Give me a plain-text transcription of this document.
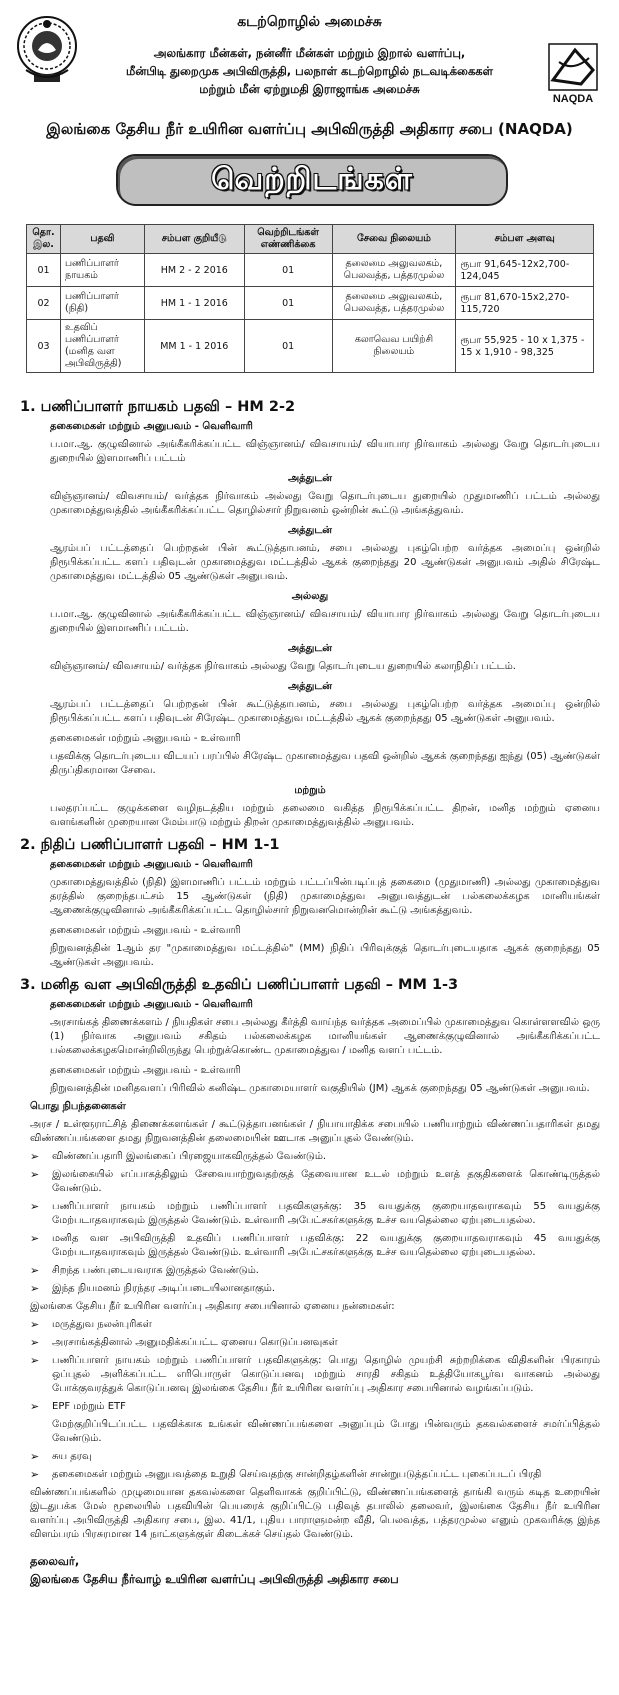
கடற்றொழில் அமைச்சு
அலங்கார மீன்கள், நன்னீர் மீன்கள் மற்றும் இறால் வளர்ப்பு,
மீன்பிடி துறைமுக அபிவிருத்தி, பலநாள் கடற்றொழில் நடவடிக்கைகள்
மற்றும் மீன் ஏற்றுமதி இராஜாங்க அமைச்சு
NAQDA
இலங்கை தேசிய நீர் உயிரின வளர்ப்பு அபிவிருத்தி அதிகார சபை (NAQDA)
வெற்றிடங்கள்
தொ. இல.	பதவி	சம்பள குறியீடு	வெற்றிடங்கள் எண்ணிக்கை	சேவை நிலையம்	சம்பள அளவு
01	பணிப்பாளர் நாயகம்	HM 2 - 2 2016	01	தலைமை அலுவலகம், பெலவத்த, பத்தரமுல்ல	ரூபா 91,645-12x2,700-124,045
02	பணிப்பாளர் (நிதி)	HM 1 - 1 2016	01	தலைமை அலுவலகம், பெலவத்த, பத்தரமுல்ல	ரூபா 81,670-15x2,270-115,720
03	உதவிப் பணிப்பாளர் (மனித வள அபிவிருத்தி)	MM 1 - 1 2016	01	கலாவெவ பயிற்சி நிலையம்	ரூபா 55,925 - 10 x 1,375 - 15 x 1,910 - 98,325
1. பணிப்பாளர் நாயகம் பதவி – HM 2-2
தகைமைகள் மற்றும் அனுபவம் - வெளிவாரி
ப.மா.ஆ. குழுவினால் அங்கீகரிக்கப்பட்ட விஞ்ஞானம்/ விவசாயம்/ வியாபார நிர்வாகம் அல்லது வேறு தொடர்புடைய துறையில் இளமாணிப் பட்டம்
அத்துடன்
விஞ்ஞானம்/ விவசாயம்/ வர்த்தக நிர்வாகம் அல்லது வேறு தொடர்புடைய துறையில் முதுமாணிப் பட்டம் அல்லது முகாமைத்துவத்தில் அங்கீகரிக்கப்பட்ட தொழில்சார் நிறுவனம் ஒன்றின் கூட்டு அங்கத்துவம்.
அத்துடன்
ஆரம்பப் பட்டத்தைப் பெற்றதன் பின் கூட்டுத்தாபனம், சபை அல்லது புகழ்பெற்ற வர்த்தக அமைப்பு ஒன்றில் நிரூபிக்கப்பட்ட களப் பதிவுடன் முகாமைத்துவ மட்டத்தில் ஆகக் குறைந்தது 20 ஆண்டுகள் அனுபவம் அதில் சிரேஷ்ட முகாமைத்துவ மட்டத்தில் 05 ஆண்டுகள் அனுபவம்.
அல்லது
ப.மா.ஆ. குழுவினால் அங்கீகரிக்கப்பட்ட விஞ்ஞானம்/ விவசாயம்/ வியாபார நிர்வாகம் அல்லது வேறு தொடர்புடைய துறையில் இளமாணிப் பட்டம்.
அத்துடன்
விஞ்ஞானம்/ விவசாயம்/ வர்த்தக நிர்வாகம் அல்லது வேறு தொடர்புடைய துறையில் கலாநிதிப் பட்டம்.
அத்துடன்
ஆரம்பப் பட்டத்தைப் பெற்றதன் பின் கூட்டுத்தாபனம், சபை அல்லது புகழ்பெற்ற வர்த்தக அமைப்பு ஒன்றில் நிரூபிக்கப்பட்ட களப் பதிவுடன் சிரேஷ்ட முகாமைத்துவ மட்டத்தில் ஆகக் குறைந்தது 05 ஆண்டுகள் அனுபவம்.
தகைமைகள் மற்றும் அனுபவம் - உள்வாரி
பதவிக்கு தொடர்புடைய விடயப் பரப்பில் சிரேஷ்ட முகாமைத்துவ பதவி ஒன்றில் ஆகக் குறைந்தது ஐந்து (05) ஆண்டுகள் திருப்திகரமான சேவை.
மற்றும்
பலதரப்பட்ட குழுக்களை வழிநடத்திய மற்றும் தலைமை வகித்த நிரூபிக்கப்பட்ட திறன், மனித மற்றும் ஏனைய வளங்களின் முறையான மேம்பாடு மற்றும் திறன் முகாமைத்துவத்தில் அனுபவம்.
2. நிதிப் பணிப்பாளர் பதவி – HM 1-1
தகைமைகள் மற்றும் அனுபவம் - வெளிவாரி
முகாமைத்துவத்தில் (நிதி) இளமாணிப் பட்டம் மற்றும் பட்டப்பின்படிப்புத் தகைமை (முதுமாணி) அல்லது முகாமைத்துவ தரத்தில் குறைந்தபட்சம் 15 ஆண்டுகள் (நிதி) முகாமைத்துவ அனுபவத்துடன் பல்கலைக்கழக மானியங்கள் ஆணைக்குழுவினால் அங்கீகரிக்கப்பட்ட தொழில்சார் நிறுவனமொன்றின் கூட்டு அங்கத்துவம்.
தகைமைகள் மற்றும் அனுபவம் - உள்வாரி
நிறுவனத்தின் 1ஆம் தர "முகாமைத்துவ மட்டத்தில்" (MM) நிதிப் பிரிவுக்குத் தொடர்புடையதாக ஆகக் குறைந்தது 05 ஆண்டுகள் அனுபவம்.
3. மனித வள அபிவிருத்தி உதவிப் பணிப்பாளர் பதவி – MM 1-3
தகைமைகள் மற்றும் அனுபவம் - வெளிவாரி
அரசாங்கத் திணைக்களம் / நியதிகள் சபை அல்லது கீர்த்தி வாய்ந்த வர்த்தக அமைப்பில் முகாமைத்துவ கொள்ளளவில் ஒரு (1) நிர்வாக அனுபவம் சகிதம் பல்கலைக்கழக மானியங்கள் ஆணைக்குழுவினால் அங்கீகரிக்கப்பட்ட பல்கலைக்கழகமொன்றிலிருந்து பெற்றுக்கொண்ட முகாமைத்துவ / மனித வளப் பட்டம்.
தகைமைகள் மற்றும் அனுபவம் - உள்வாரி
நிறுவனத்தின் மனிதவளப் பிரிவில் கனிஷ்ட முகாமையாளர் வகுதியில் (JM) ஆகக் குறைந்தது 05 ஆண்டுகள் அனுபவம்.
பொது நிபந்தனைகள்
அரச / உள்ளூராட்சித் திணைக்களங்கள் / கூட்டுத்தாபனங்கள் / நியாயாதிக்க சபையில் பணியாற்றும் விண்ணப்பதாரிகள் தமது விண்ணப்பங்களை தமது நிறுவனத்தின் தலைமையின் ஊடாக அனுப்புதல் வேண்டும்.
➢ விண்ணப்பதாரி இலங்கைப் பிரஜையாகவிருத்தல் வேண்டும்.
➢ இலங்கையில் எப்பாகத்திலும் சேவையாற்றுவதற்குத் தேவையான உடல் மற்றும் உளத் தகுதிகளைக் கொண்டிருத்தல் வேண்டும்.
➢ பணிப்பாளர் நாயகம் மற்றும் பணிப்பாளர் பதவிகளுக்கு: 35 வயதுக்கு குறையாதவராகவும் 55 வயதுக்கு மேற்படாதவராகவும் இருத்தல் வேண்டும். உள்வாரி அபேட்சகர்களுக்கு உச்ச வயதெல்லை ஏற்புடையதல்ல.
➢ மனித வள அபிவிருத்தி உதவிப் பணிப்பாளர் பதவிக்கு: 22 வயதுக்கு குறையாதவராகவும் 45 வயதுக்கு மேற்படாதவராகவும் இருத்தல் வேண்டும். உள்வாரி அபேட்சகர்களுக்கு உச்ச வயதெல்லை ஏற்புடையதல்ல.
➢ சிறந்த பண்புடையவராக இருத்தல் வேண்டும்.
➢ இந்த நியமனம் நிரந்தர அடிப்படையிலானதாகும்.
இலங்கை தேசிய நீர் உயிரின வளர்ப்பு அதிகார சபையினால் ஏனைய நன்மைகள்:
➢ மருத்துவ நலன்புரிகள்
➢ அரசாங்கத்தினால் அனுமதிக்கப்பட்ட ஏனைய கொடுப்பனவுகள்
➢ பணிப்பாளர் நாயகம் மற்றும் பணிப்பாளர் பதவிகளுக்கு: பொது தொழில் முயற்சி சுற்றறிக்கை விதிகளின் பிரகாரம் ஒப்புதல் அளிக்கப்பட்ட எரிபொருள் கொடுப்பனவு மற்றும் சாரதி சகிதம் உத்தியோகபூர்வ வாகனம் அல்லது போக்குவரத்துக் கொடுப்பனவு இலங்கை தேசிய நீர் உயிரின வளர்ப்பு அதிகார சபையினால் வழங்கப்படும்.
➢ EPF மற்றும் ETF
மேற்குறிப்பிடப்பட்ட பதவிக்காக உங்கள் விண்ணப்பங்களை அனுப்பும் போது பின்வரும் தகவல்களைச் சமர்ப்பித்தல் வேண்டும்.
➢ சுய தரவு
➢ தகைமைகள் மற்றும் அனுபவத்தை உறுதி செய்வதற்கு சான்றிதழ்களின் சான்றுபடுத்தப்பட்ட புகைப்படப் பிரதி
விண்ணப்பங்களில் முழுமையான தகவல்களை தெளிவாகக் குறிப்பிட்டு, விண்ணப்பங்களைத் தாங்கி வரும் கடித உறையின் இடதுபக்க மேல் மூலையில் பதவியின் பெயரைக் குறிப்பிட்டு பதிவுத் தபாலில் தலைவர், இலங்கை தேசிய நீர் உயிரின வளர்ப்பு அபிவிருத்தி அதிகார சபை, இல. 41/1, புதிய பாராளுமன்ற வீதி, பெலவத்த, பத்தரமுல்ல எனும் முகவரிக்கு இந்த விளம்பரம் பிரசுரமான 14 நாட்களுக்குள் கிடைக்கச் செய்தல் வேண்டும்.
தலைவர்,
இலங்கை தேசிய நீர்வாழ் உயிரின வளர்ப்பு அபிவிருத்தி அதிகார சபை
